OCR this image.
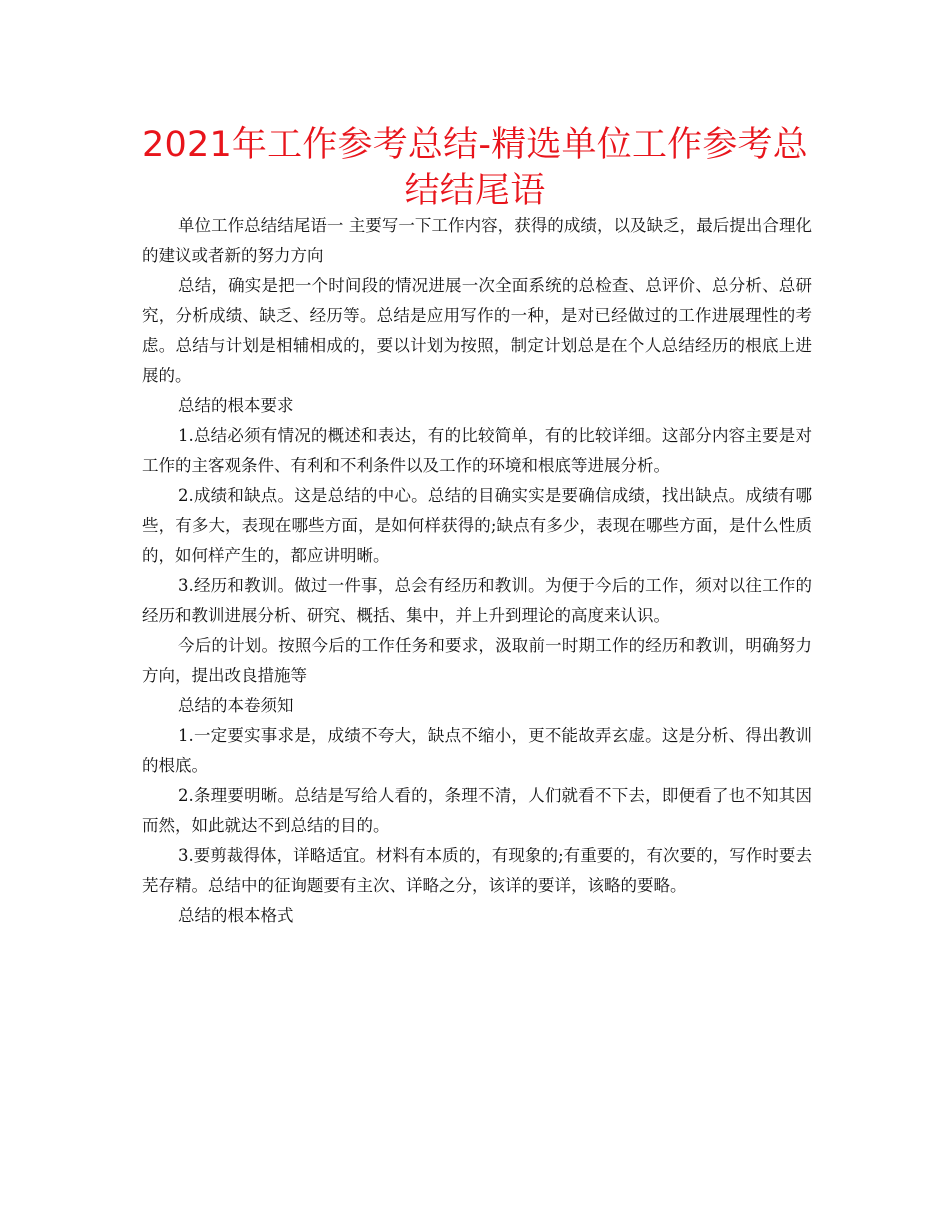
2021年工作参考总结-精选单位工作参考总结结尾语

单位工作总结结尾语一 主要写一下工作内容，获得的成绩，以及缺乏，最后提出合理化的建议或者新的努力方向

总结，确实是把一个时间段的情况进展一次全面系统的总检查、总评价、总分析、总研究，分析成绩、缺乏、经历等。总结是应用写作的一种，是对已经做过的工作进展理性的考虑。总结与计划是相辅相成的，要以计划为按照，制定计划总是在个人总结经历的根底上进展的。

总结的根本要求

1.总结必须有情况的概述和表达，有的比较简单，有的比较详细。这部分内容主要是对工作的主客观条件、有利和不利条件以及工作的环境和根底等进展分析。

2.成绩和缺点。这是总结的中心。总结的目确实实是要确信成绩，找出缺点。成绩有哪些，有多大，表现在哪些方面，是如何样获得的;缺点有多少，表现在哪些方面，是什么性质的，如何样产生的，都应讲明晰。

3.经历和教训。做过一件事，总会有经历和教训。为便于今后的工作，须对以往工作的经历和教训进展分析、研究、概括、集中，并上升到理论的高度来认识。

今后的计划。按照今后的工作任务和要求，汲取前一时期工作的经历和教训，明确努力方向，提出改良措施等

总结的本卷须知

1.一定要实事求是，成绩不夸大，缺点不缩小，更不能故弄玄虚。这是分析、得出教训的根底。

2.条理要明晰。总结是写给人看的，条理不清，人们就看不下去，即便看了也不知其因而然，如此就达不到总结的目的。

3.要剪裁得体，详略适宜。材料有本质的，有现象的;有重要的，有次要的，写作时要去芜存精。总结中的征询题要有主次、详略之分，该详的要详，该略的要略。

总结的根本格式
